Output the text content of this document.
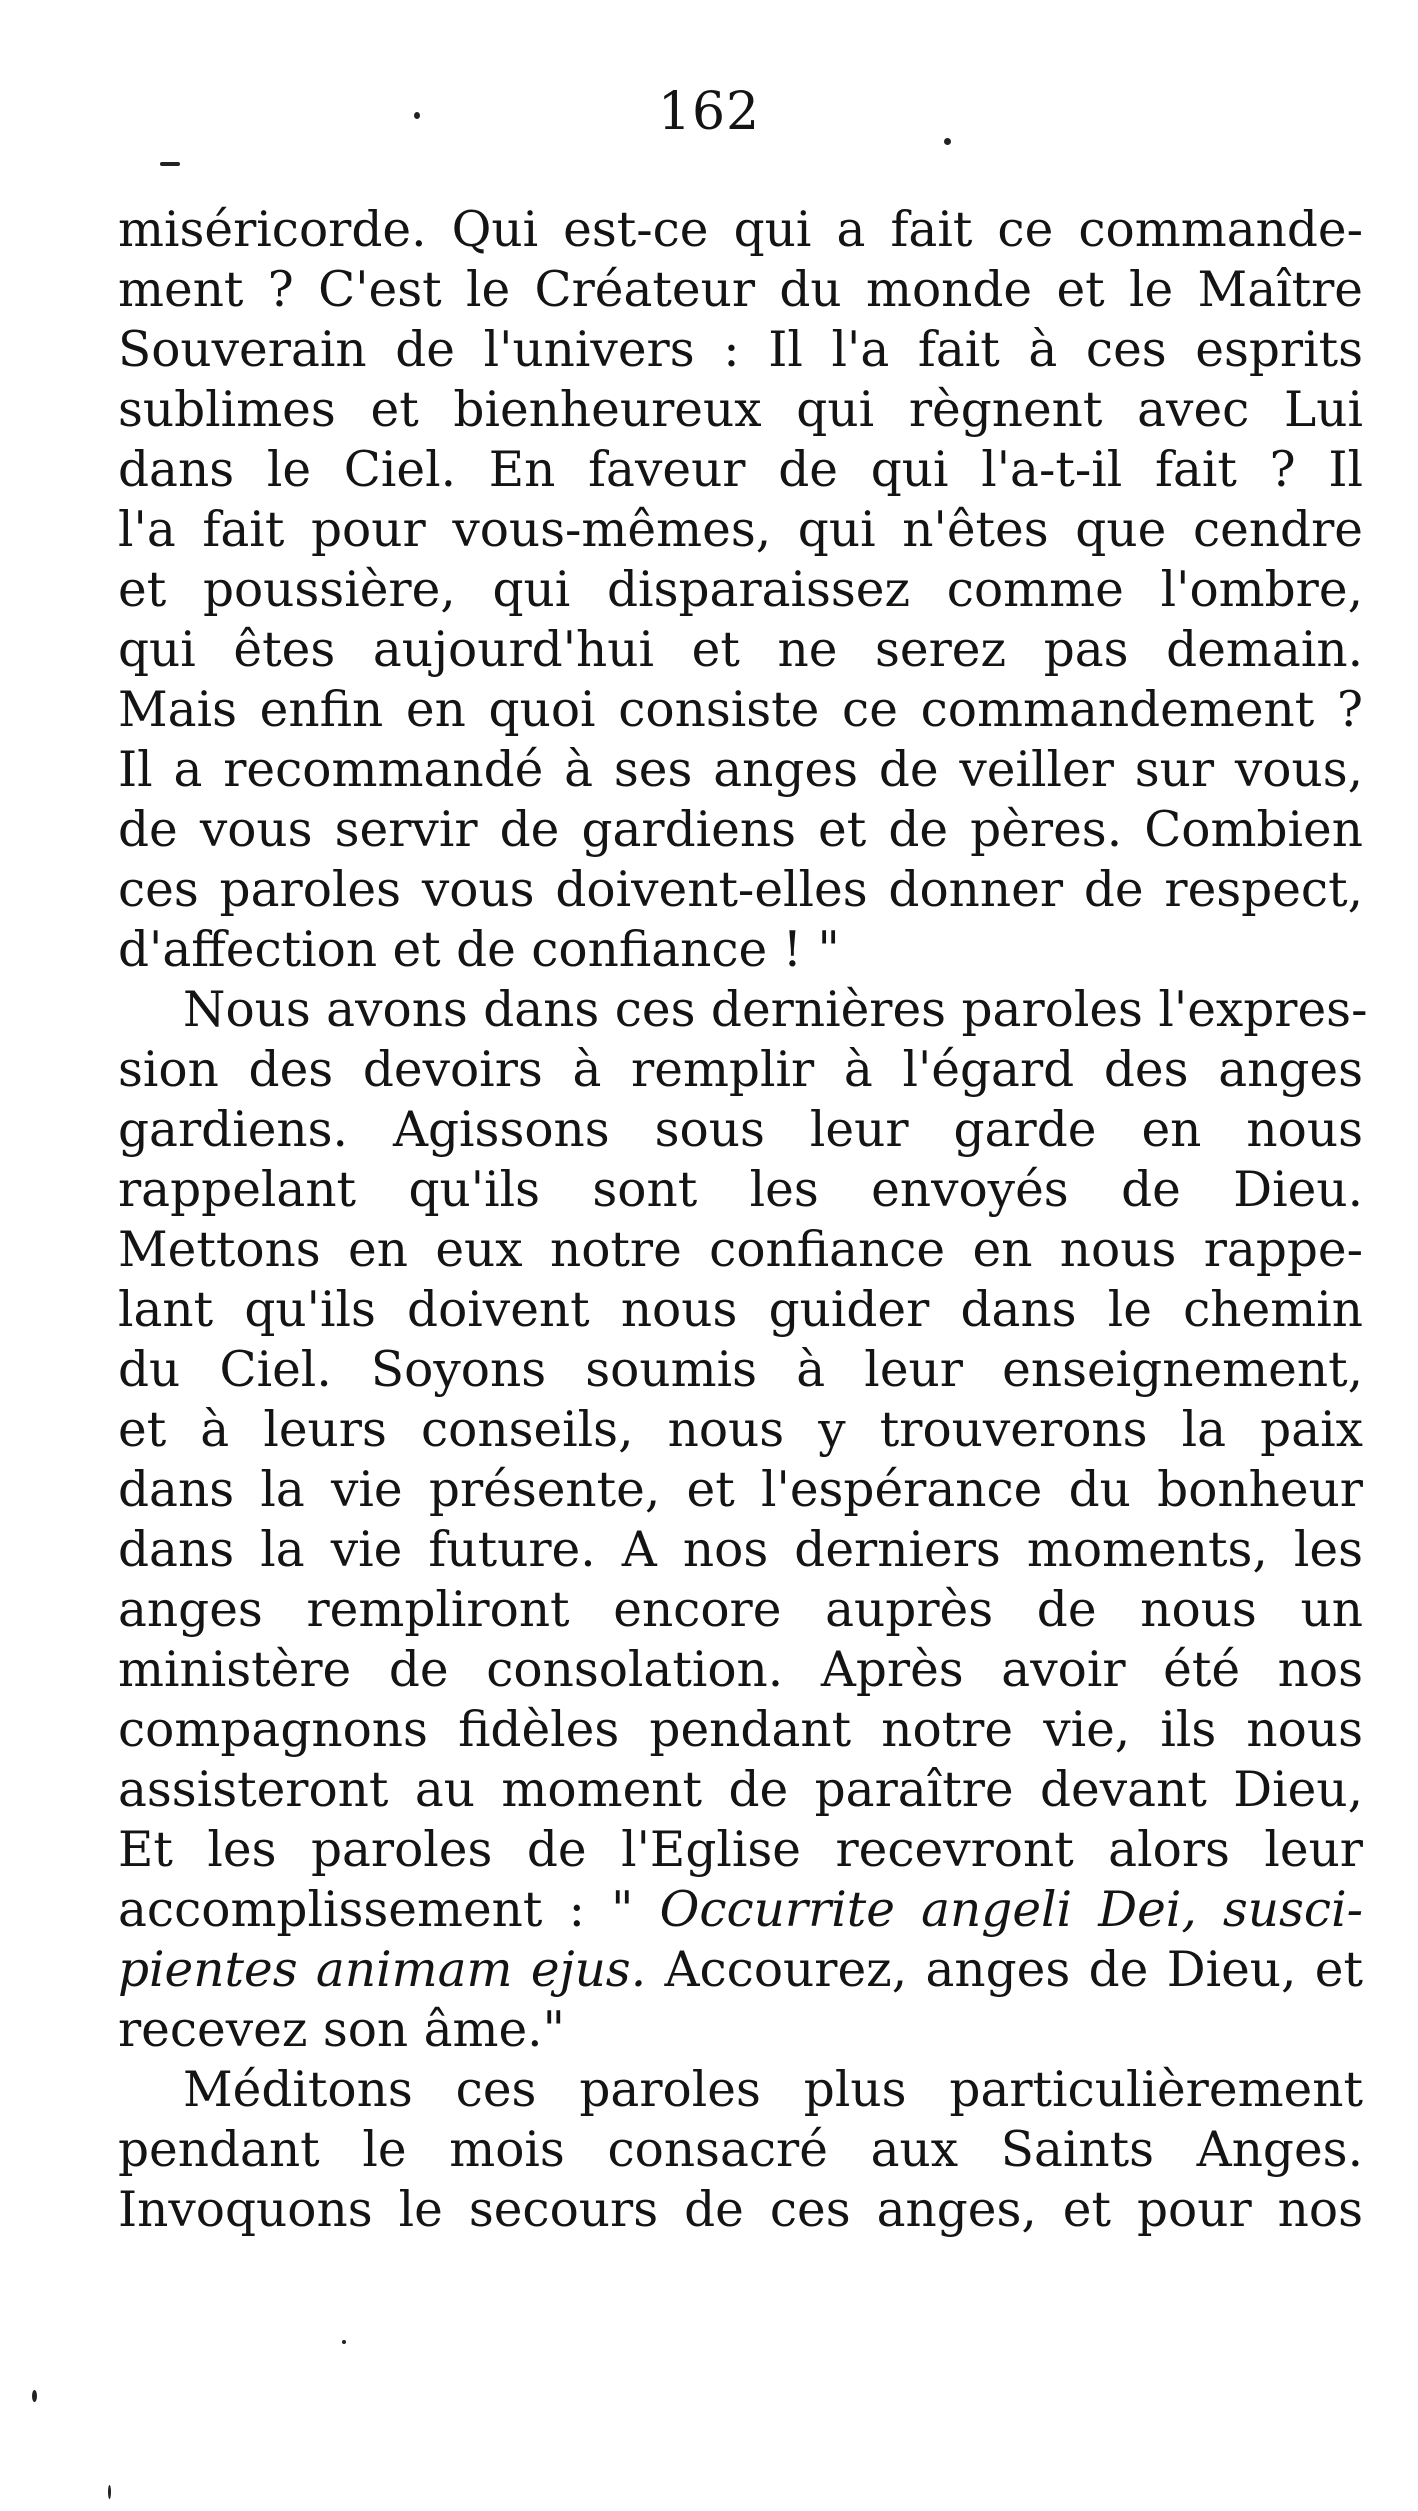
162
miséricorde. Qui est-ce qui a fait ce commande-
ment ? C'est le Créateur du monde et le Maître
Souverain de l'univers : Il l'a fait à ces esprits
sublimes et bienheureux qui règnent avec Lui
dans le Ciel. En faveur de qui l'a-t-il fait ? Il
l'a fait pour vous-mêmes, qui n'êtes que cendre
et poussière, qui disparaissez comme l'ombre,
qui êtes aujourd'hui et ne serez pas demain.
Mais enfin en quoi consiste ce commandement ?
Il a recommandé à ses anges de veiller sur vous,
de vous servir de gardiens et de pères. Combien
ces paroles vous doivent-elles donner de respect,
d'affection et de confiance ! "
Nous avons dans ces dernières paroles l'expres-
sion des devoirs à remplir à l'égard des anges
gardiens. Agissons sous leur garde en nous
rappelant qu'ils sont les envoyés de Dieu.
Mettons en eux notre confiance en nous rappe-
lant qu'ils doivent nous guider dans le chemin
du Ciel. Soyons soumis à leur enseignement,
et à leurs conseils, nous y trouverons la paix
dans la vie présente, et l'espérance du bonheur
dans la vie future. A nos derniers moments, les
anges rempliront encore auprès de nous un
ministère de consolation. Après avoir été nos
compagnons fidèles pendant notre vie, ils nous
assisteront au moment de paraître devant Dieu,
Et les paroles de l'Eglise recevront alors leur
accomplissement : " Occurrite angeli Dei, susci-
pientes animam ejus. Accourez, anges de Dieu, et
recevez son âme."
Méditons ces paroles plus particulièrement
pendant le mois consacré aux Saints Anges.
Invoquons le secours de ces anges, et pour nos
